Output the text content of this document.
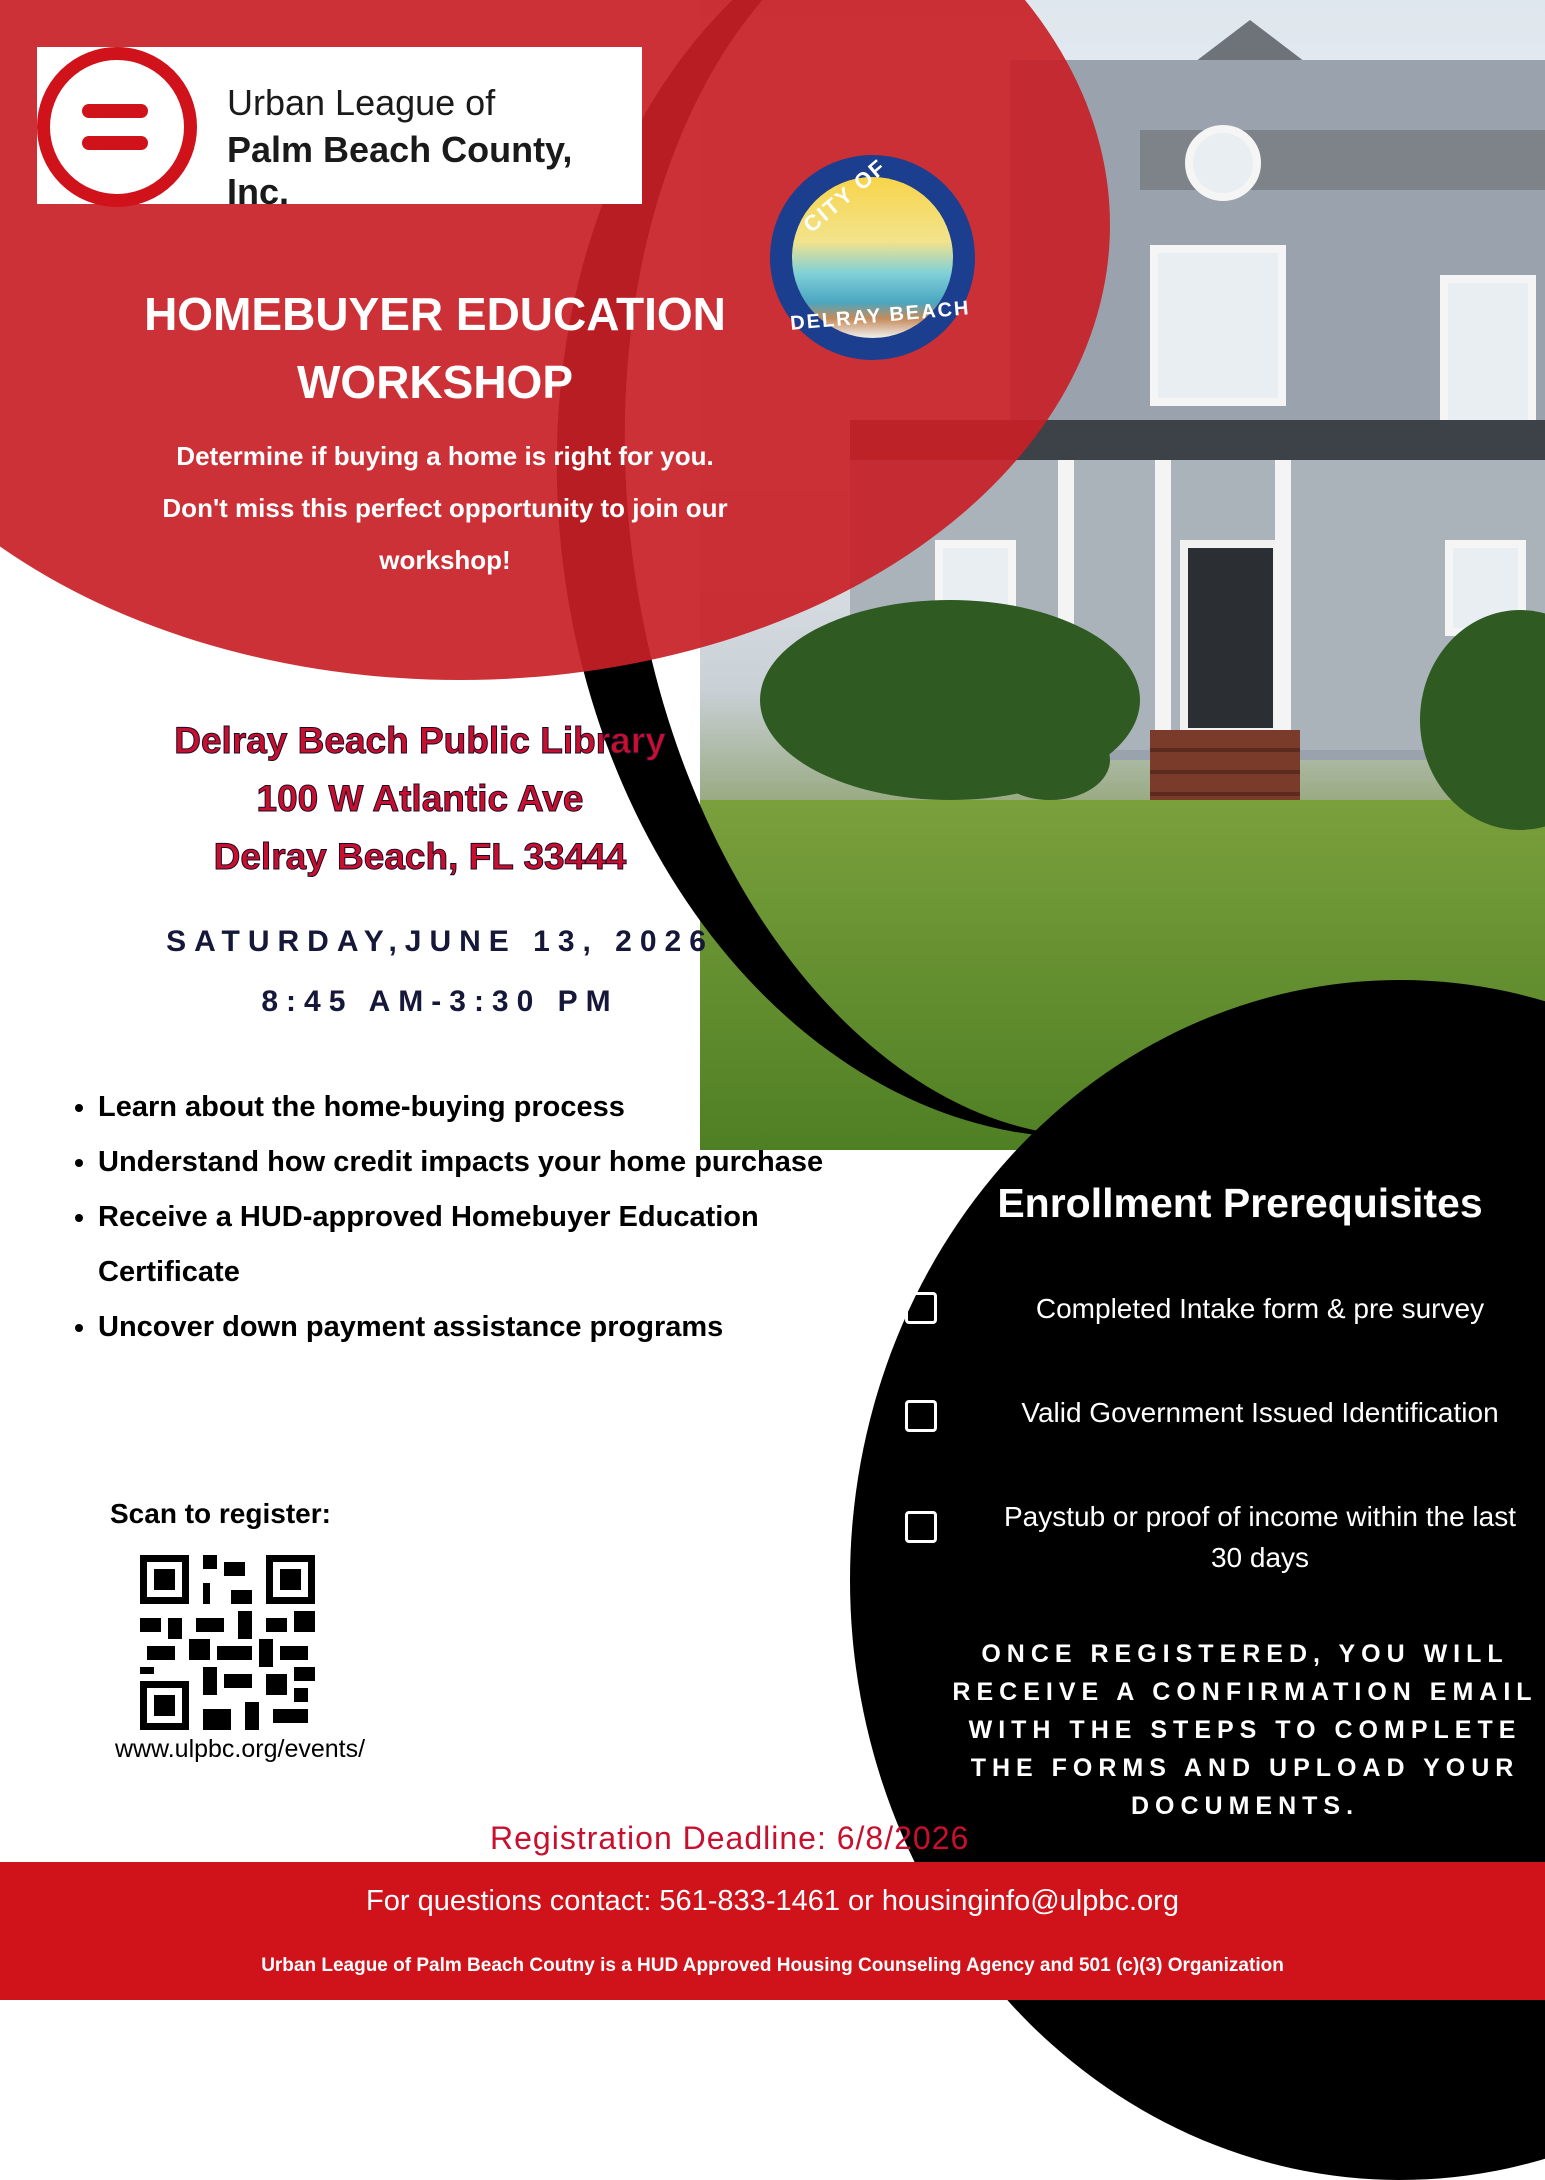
Urban League of
Palm Beach County, Inc.	CITY OF
DELRAY BEACH
HOMEBUYER EDUCATION
WORKSHOP
Determine if buying a home is right for you.
Don't miss this perfect opportunity to join our
workshop!
Delray Beach Public Library
100 W Atlantic Ave
Delray Beach, FL 33444
SATURDAY,JUNE 13, 2026
8:45 AM-3:30 PM
• Learn about the home-buying process
• Understand how credit impacts your home purchase
• Receive a HUD-approved Homebuyer Education Certificate
• Uncover down payment assistance programs
Scan to register:
www.ulpbc.org/events/
Registration Deadline: 6/8/2026
Enrollment Prerequisites
Completed Intake form & pre survey
Valid Government Issued Identification
Paystub or proof of income within the last 30 days
ONCE REGISTERED, YOU WILL RECEIVE A CONFIRMATION EMAIL WITH THE STEPS TO COMPLETE THE FORMS AND UPLOAD YOUR DOCUMENTS.
For questions contact: 561-833-1461 or housinginfo@ulpbc.org
Urban League of Palm Beach Coutny is a HUD Approved Housing Counseling Agency and 501 (c)(3) Organization
